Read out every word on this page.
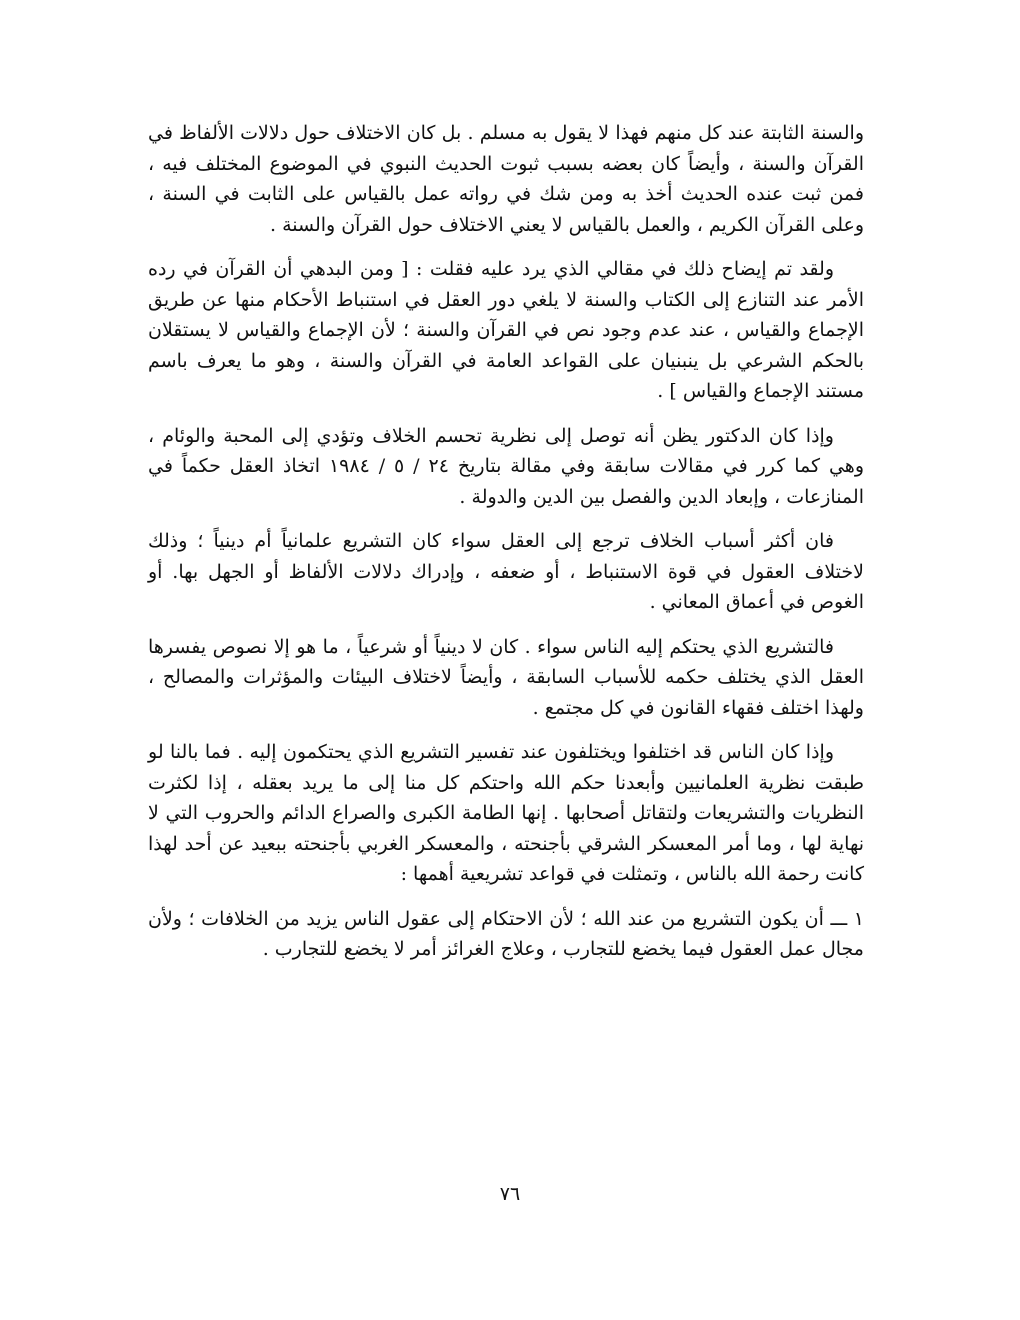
والسنة الثابتة عند كل منهم فهذا لا يقول به مسلم . بل كان الاختلاف حول دلالات الألفاظ في القرآن والسنة ، وأيضاً كان بعضه بسبب ثبوت الحديث النبوي في الموضوع المختلف فيه ، فمن ثبت عنده الحديث أخذ به ومن شك في رواته عمل بالقياس على الثابت في السنة ، وعلى القرآن الكريم ، والعمل بالقياس لا يعني الاختلاف حول القرآن والسنة .

ولقد تم إيضاح ذلك في مقالي الذي يرد عليه فقلت : [ ومن البدهي أن القرآن في رده الأمر عند التنازع إلى الكتاب والسنة لا يلغي دور العقل في استنباط الأحكام منها عن طريق الإجماع والقياس ، عند عدم وجود نص في القرآن والسنة ؛ لأن الإجماع والقياس لا يستقلان بالحكم الشرعي بل ينبنيان على القواعد العامة في القرآن والسنة ، وهو ما يعرف باسم مستند الإجماع والقياس ] .

وإذا كان الدكتور يظن أنه توصل إلى نظرية تحسم الخلاف وتؤدي إلى المحبة والوئام ، وهي كما كرر في مقالات سابقة وفي مقالة بتاريخ ٢٤ / ٥ / ١٩٨٤ اتخاذ العقل حكماً في المنازعات ، وإبعاد الدين والفصل بين الدين والدولة .

فان أكثر أسباب الخلاف ترجع إلى العقل سواء كان التشريع علمانياً أم دينياً ؛ وذلك لاختلاف العقول في قوة الاستنباط ، أو ضعفه ، وإدراك دلالات الألفاظ أو الجهل بها. أو الغوص في أعماق المعاني .

فالتشريع الذي يحتكم إليه الناس سواء . كان لا دينياً أو شرعياً ، ما هو إلا نصوص يفسرها العقل الذي يختلف حكمه للأسباب السابقة ، وأيضاً لاختلاف البيئات والمؤثرات والمصالح ، ولهذا اختلف فقهاء القانون في كل مجتمع .

وإذا كان الناس قد اختلفوا ويختلفون عند تفسير التشريع الذي يحتكمون إليه . فما بالنا لو طبقت نظرية العلمانيين وأبعدنا حكم الله واحتكم كل منا إلى ما يريد بعقله ، إذا لكثرت النظريات والتشريعات ولتقاتل أصحابها . إنها الطامة الكبرى والصراع الدائم والحروب التي لا نهاية لها ، وما أمر المعسكر الشرقي بأجنحته ، والمعسكر الغربي بأجنحته ببعيد عن أحد لهذا كانت رحمة الله بالناس ، وتمثلت في قواعد تشريعية أهمها :

١ ـــ أن يكون التشريع من عند الله ؛ لأن الاحتكام إلى عقول الناس يزيد من الخلافات ؛ ولأن مجال عمل العقول فيما يخضع للتجارب ، وعلاج الغرائز أمر لا يخضع للتجارب .

٧٦
